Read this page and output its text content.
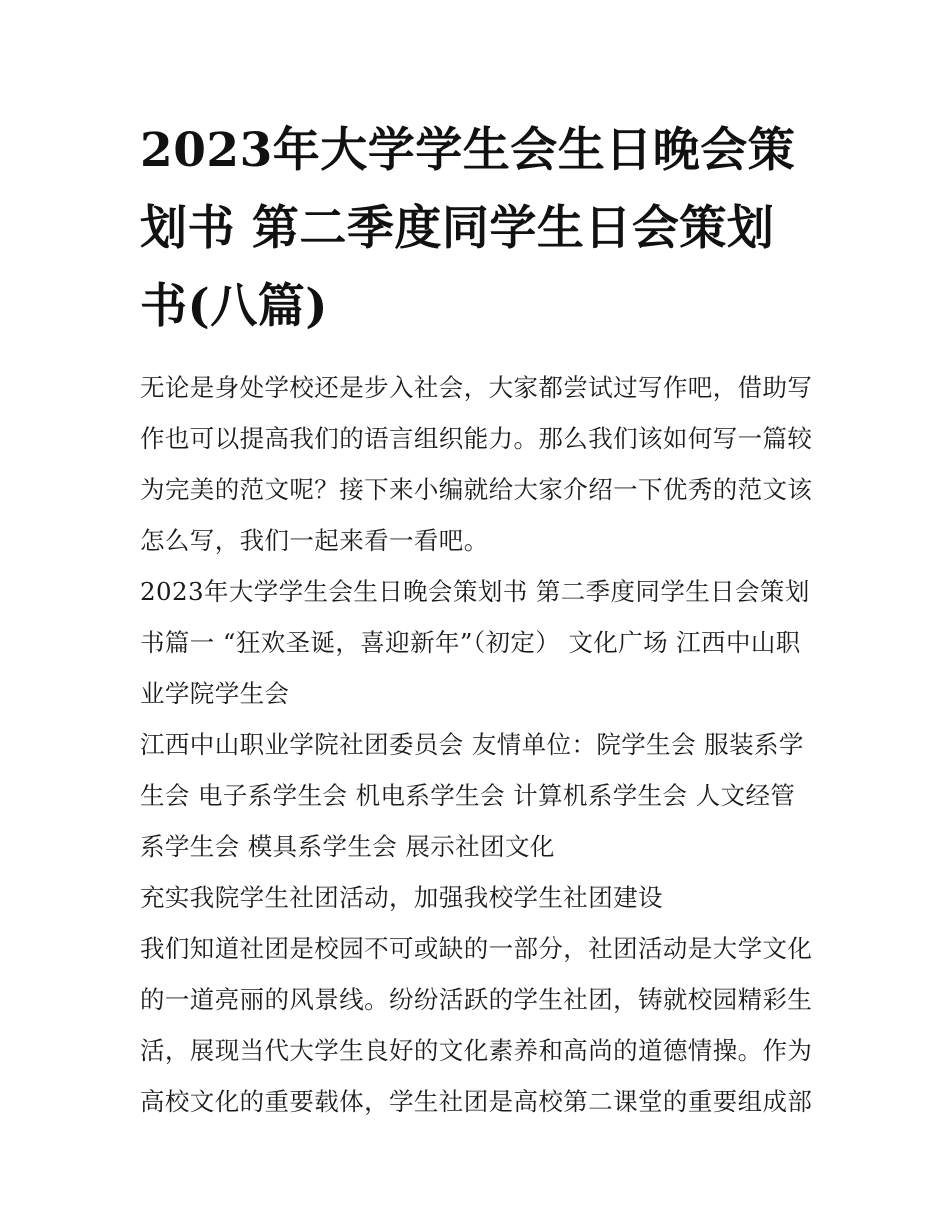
2023年大学学生会生日晚会策划书 第二季度同学生日会策划书(八篇)

无论是身处学校还是步入社会，大家都尝试过写作吧，借助写作也可以提高我们的语言组织能力。那么我们该如何写一篇较为完美的范文呢？接下来小编就给大家介绍一下优秀的范文该怎么写，我们一起来看一看吧。

2023年大学学生会生日晚会策划书 第二季度同学生日会策划书篇一 “狂欢圣诞，喜迎新年”（初定） 文化广场 江西中山职业学院学生会

江西中山职业学院社团委员会 友情单位：院学生会 服装系学生会 电子系学生会 机电系学生会 计算机系学生会 人文经管系学生会 模具系学生会 展示社团文化

充实我院学生社团活动，加强我校学生社团建设

我们知道社团是校园不可或缺的一部分，社团活动是大学文化的一道亮丽的风景线。纷纷活跃的学生社团，铸就校园精彩生活，展现当代大学生良好的文化素养和高尚的道德情操。作为高校文化的重要载体，学生社团是高校第二课堂的重要组成部
